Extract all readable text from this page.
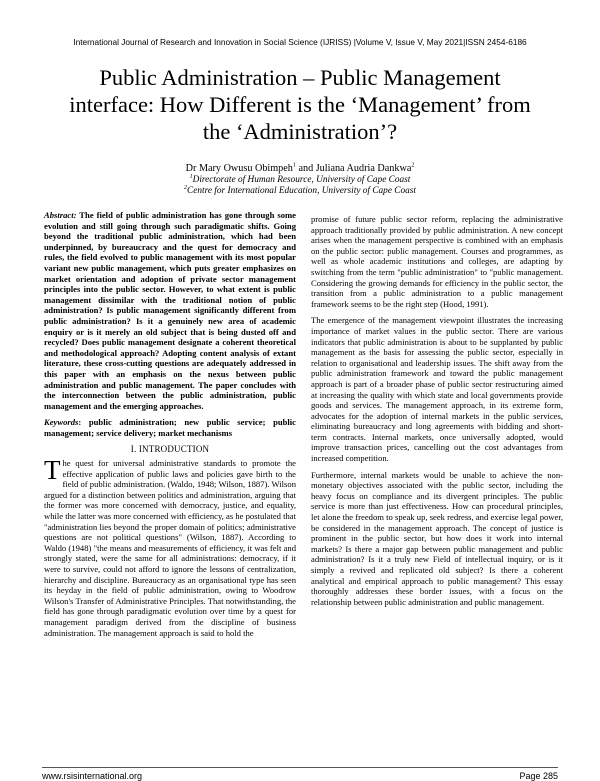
International Journal of Research and Innovation in Social Science (IJRISS) |Volume V, Issue V, May 2021|ISSN 2454-6186
Public Administration – Public Management
interface: How Different is the ‘Management’ from
the ‘Administration’?
Dr Mary Owusu Obimpeh$^1$ and Juliana Audria Dankwa$^2$
$^1$Directorate of Human Resource, University of Cape Coast
$^2$Centre for International Education, University of Cape Coast

Abstract: The field of public administration has gone through some evolution and still going through such paradigmatic shifts. Going beyond the traditional public administration, which had been underpinned, by bureaucracy and the quest for democracy and rules, the field evolved to public management with its most popular variant new public management, which puts greater emphasizes on market orientation and adoption of private sector management principles into the public sector. However, to what extent is public management dissimilar with the traditional notion of public administration? Is public management significantly different from public administration? Is it a genuinely new area of academic enquiry or is it merely an old subject that is being dusted off and recycled? Does public management designate a coherent theoretical and methodological approach? Adopting content analysis of extant literature, these cross-cutting questions are adequately addressed in this paper with an emphasis on the nexus between public administration and public management. The paper concludes with the interconnection between the public administration, public management and the emerging approaches.

Keywords: public administration; new public service; public management; service delivery; market mechanisms

I. INTRODUCTION

The quest for universal administrative standards to promote the effective application of public laws and policies gave birth to the field of public administration. (Waldo, 1948; Wilson, 1887). Wilson argued for a distinction between politics and administration, arguing that the former was more concerned with democracy, justice, and equality, while the latter was more concerned with efficiency, as he postulated that "administration lies beyond the proper domain of politics; administrative questions are not political questions" (Wilson, 1887). According to Waldo (1948) "the means and measurements of efficiency, it was felt and strongly stated, were the same for all administrations: democracy, if it were to survive, could not afford to ignore the lessons of centralization, hierarchy and discipline. Bureaucracy as an organisational type has seen its heyday in the field of public administration, owing to Woodrow Wilson's Transfer of Administrative Principles. That notwithstanding, the field has gone through paradigmatic evolution over time by a quest for management paradigm derived from the discipline of business administration. The management approach is said to hold the

promise of future public sector reform, replacing the administrative approach traditionally provided by public administration. A new concept arises when the management perspective is combined with an emphasis on the public sector: public management. Courses and programmes, as well as whole academic institutions and colleges, are adapting by switching from the term "public administration" to "public management. Considering the growing demands for efficiency in the public sector, the transition from a public administration to a public management framework seems to be the right step (Hood, 1991).

The emergence of the management viewpoint illustrates the increasing importance of market values in the public sector. There are various indicators that public administration is about to be supplanted by public management as the basis for assessing the public sector, especially in relation to organisational and leadership issues. The shift away from the public administration framework and toward the public management approach is part of a broader phase of public sector restructuring aimed at increasing the quality with which state and local governments provide goods and services. The management approach, in its extreme form, advocates for the adoption of internal markets in the public services, eliminating bureaucracy and long agreements with bidding and short-term contracts. Internal markets, once universally adopted, would improve transaction prices, cancelling out the cost advantages from increased competition.

Furthermore, internal markets would be unable to achieve the non-monetary objectives associated with the public sector, including the heavy focus on compliance and its divergent principles. The public service is more than just effectiveness. How can procedural principles, let alone the freedom to speak up, seek redress, and exercise legal power, be considered in the management approach. The concept of justice is prominent in the public sector, but how does it work into internal markets? Is there a major gap between public management and public administration? Is it a truly new Field of intellectual inquiry, or is it simply a revived and replicated old subject? Is there a coherent analytical and empirical approach to public management? This essay thoroughly addresses these border issues, with a focus on the relationship between public administration and public management.

www.rsisinternational.org	Page 285
